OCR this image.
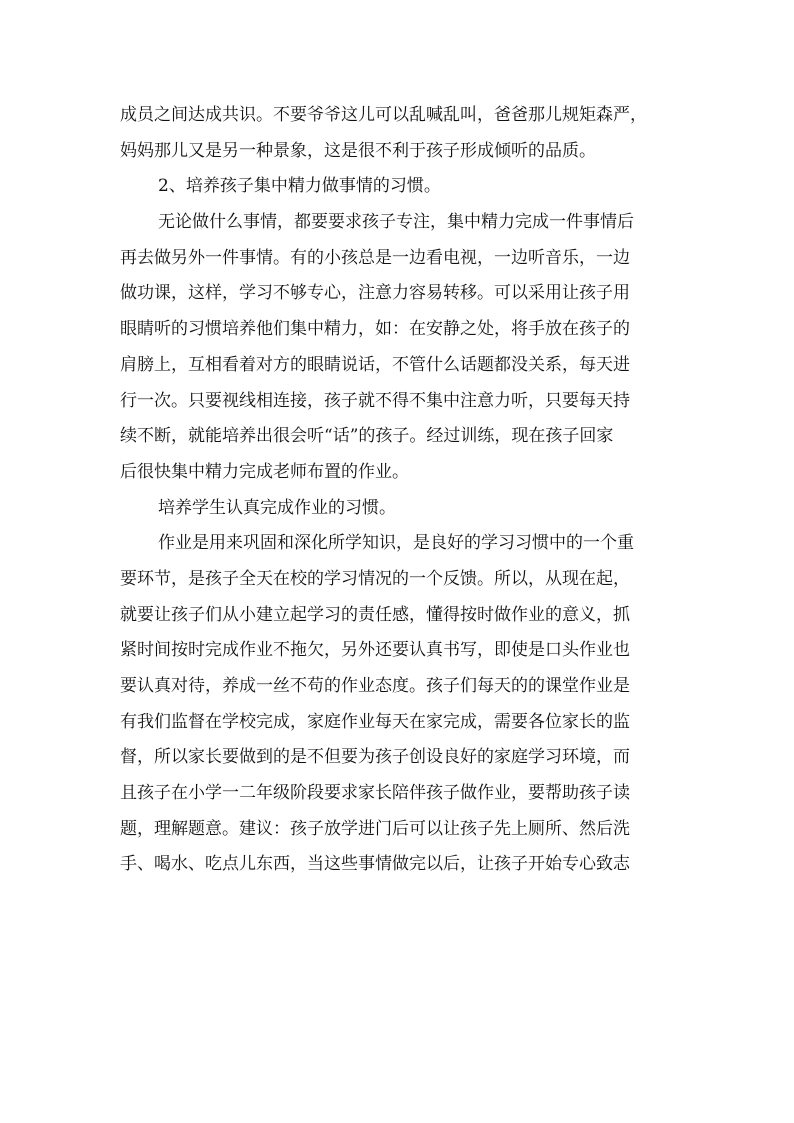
成员之间达成共识。不要爷爷这儿可以乱喊乱叫，爸爸那儿规矩森严，

妈妈那儿又是另一种景象，这是很不利于孩子形成倾听的品质。

2、培养孩子集中精力做事情的习惯。

无论做什么事情，都要要求孩子专注，集中精力完成一件事情后

再去做另外一件事情。有的小孩总是一边看电视，一边听音乐，一边

做功课，这样，学习不够专心，注意力容易转移。可以采用让孩子用

眼睛听的习惯培养他们集中精力，如：在安静之处，将手放在孩子的

肩膀上，互相看着对方的眼睛说话，不管什么话题都没关系，每天进

行一次。只要视线相连接，孩子就不得不集中注意力听，只要每天持

续不断，就能培养出很会听“话”的孩子。经过训练，现在孩子回家

后很快集中精力完成老师布置的作业。

培养学生认真完成作业的习惯。

作业是用来巩固和深化所学知识，是良好的学习习惯中的一个重

要环节，是孩子全天在校的学习情况的一个反馈。所以，从现在起，

就要让孩子们从小建立起学习的责任感，懂得按时做作业的意义，抓

紧时间按时完成作业不拖欠，另外还要认真书写，即使是口头作业也

要认真对待，养成一丝不苟的作业态度。孩子们每天的的课堂作业是

有我们监督在学校完成，家庭作业每天在家完成，需要各位家长的监

督，所以家长要做到的是不但要为孩子创设良好的家庭学习环境，而

且孩子在小学一二年级阶段要求家长陪伴孩子做作业，要帮助孩子读

题，理解题意。建议：孩子放学进门后可以让孩子先上厕所、然后洗

手、喝水、吃点儿东西，当这些事情做完以后，让孩子开始专心致志
